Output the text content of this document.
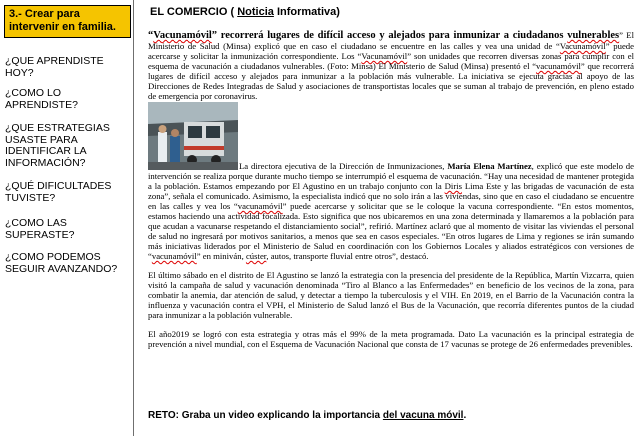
3.- Crear para intervenir en familia.
¿ QUE APRENDISTE HOY?
¿ COMO LO APRENDISTE?
¿ QUE ESTRATEGIAS USASTE PARA IDENTIFICAR LA INFORMACIÓN?
¿ QUÉ DIFICULTADES TUVISTE?
¿ COMO LAS SUPERASTE?
¿ COMO PODEMOS SEGUIR AVANZANDO?
EL COMERCIO ( Noticia Informativa)

“Vacunamóvil” recorrerá lugares de difícil acceso y alejados para inmunizar a ciudadanos vulnerables” El Ministerio de Salud (Minsa) explicó que en caso el ciudadano se encuentre en las calles y vea una unidad de “Vacunamóvil” puede acercarse y solicitar la inmunización correspondiente. Los “Vacunamóvil” son unidades que recorren diversas zonas para cumplir con el esquema de vacunación a ciudadanos vulnerables. (Foto: Minsa) El Ministerio de Salud (Minsa) presentó el “vacunamóvil” que recorrerá lugares de difícil acceso y alejados para inmunizar a la población más vulnerable. La iniciativa se ejecuta gracias al apoyo de las Direcciones de Redes Integradas de Salud y asociaciones de transportistas locales que se suman al trabajo de prevención, en pleno estado de emergencia por coronavirus.

La directora ejecutiva de la Dirección de Inmunizaciones, María Elena Martínez, explicó que este modelo de intervención se realiza porque durante mucho tiempo se interrumpió el esquema de vacunación. “Hay una necesidad de mantener protegida a la población. Estamos empezando por El Agustino en un trabajo conjunto con la Diris Lima Este y las brigadas de vacunación de esta zona”, señala el comunicado. Asimismo, la especialista indicó que no solo irán a las viviendas, sino que en caso el ciudadano se encuentre en las calles y vea los “vacunamóvil” puede acercarse y solicitar que se le coloque la vacuna correspondiente. “En estos momentos, estamos haciendo una actividad focalizada. Esto significa que nos ubicaremos en una zona determinada y llamaremos a la población para que acudan a vacunarse respetando el distanciamiento social”, refirió. Martínez aclaró que al momento de visitar las viviendas el personal de salud no ingresará por motivos sanitarios, a menos que sea en casos especiales. “En otros lugares de Lima y regiones se irán sumando más iniciativas liderados por el Ministerio de Salud en coordinación con los Gobiernos Locales y aliados estratégicos con versiones de “vacunamóvil” en miniván, cúster, autos, transporte fluvial entre otros”, destacó.

El último sábado en el distrito de El Agustino se lanzó la estrategia con la presencia del presidente de la República, Martín Vizcarra, quien visitó la campaña de salud y vacunación denominada “Tiro al Blanco a las Enfermedades” en beneficio de los vecinos de la zona, para combatir la anemia, dar atención de salud, y detectar a tiempo la tuberculosis y el VIH. En 2019, en el Barrio de la Vacunación contra la influenza y vacunación contra el VPH, el Ministerio de Salud lanzó el Bus de la Vacunación, que recorría diferentes puntos de la ciudad para inmunizar a la población vulnerable.

El año2019 se logró con esta estrategia y otras más el 99% de la meta programada. Dato La vacunación es la principal estrategia de prevención a nivel mundial, con el Esquema de Vacunación Nacional que consta de 17 vacunas se protege de 26 enfermedades prevenibles.

RETO: Graba un video explicando la importancia del vacuna móvil.
